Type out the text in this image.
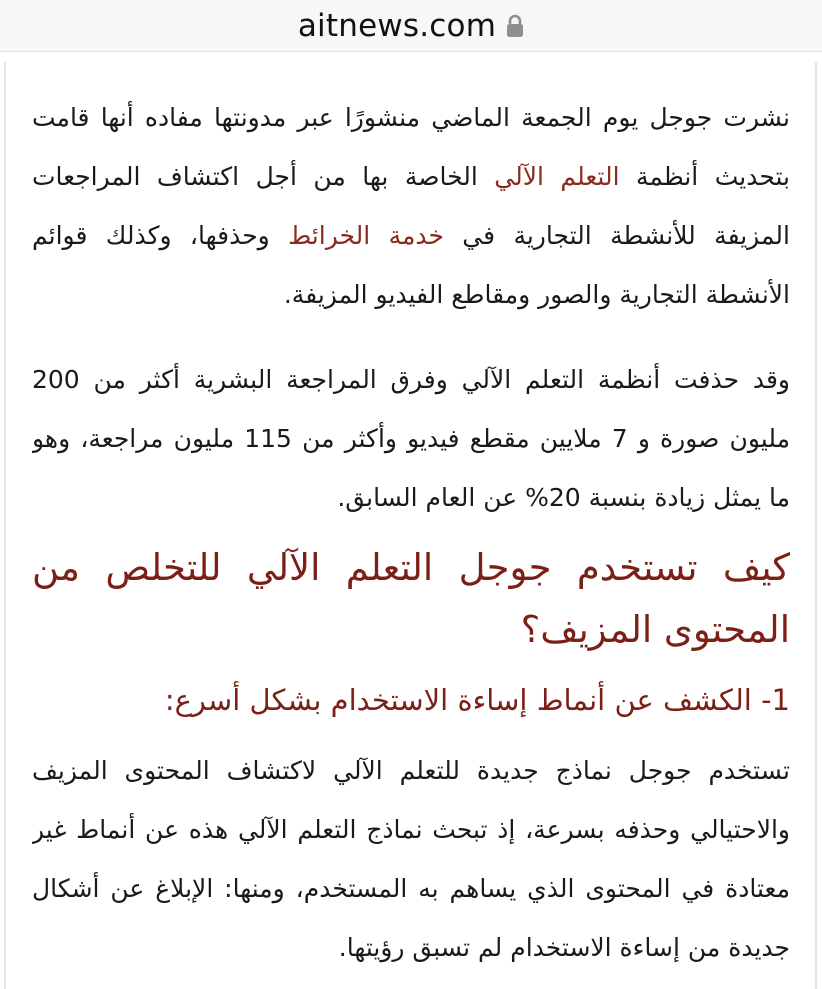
aitnews.com

نشرت جوجل يوم الجمعة الماضي منشورًا عبر مدونتها مفاده أنها قامت بتحديث أنظمة التعلم الآلي الخاصة بها من أجل اكتشاف المراجعات المزيفة للأنشطة التجارية في خدمة الخرائط وحذفها، وكذلك قوائم الأنشطة التجارية والصور ومقاطع الفيديو المزيفة.

وقد حذفت أنظمة التعلم الآلي وفرق المراجعة البشرية أكثر من 200 مليون صورة و 7 ملايين مقطع فيديو وأكثر من 115 مليون مراجعة، وهو ما يمثل زيادة بنسبة 20% عن العام السابق.

كيف تستخدم جوجل التعلم الآلي للتخلص من المحتوى المزيف؟
1- الكشف عن أنماط إساءة الاستخدام بشكل أسرع:

تستخدم جوجل نماذج جديدة للتعلم الآلي لاكتشاف المحتوى المزيف والاحتيالي وحذفه بسرعة، إذ تبحث نماذج التعلم الآلي هذه عن أنماط غير معتادة في المحتوى الذي يساهم به المستخدم، ومنها: الإبلاغ عن أشكال جديدة من إساءة الاستخدام لم تسبق رؤيتها.
